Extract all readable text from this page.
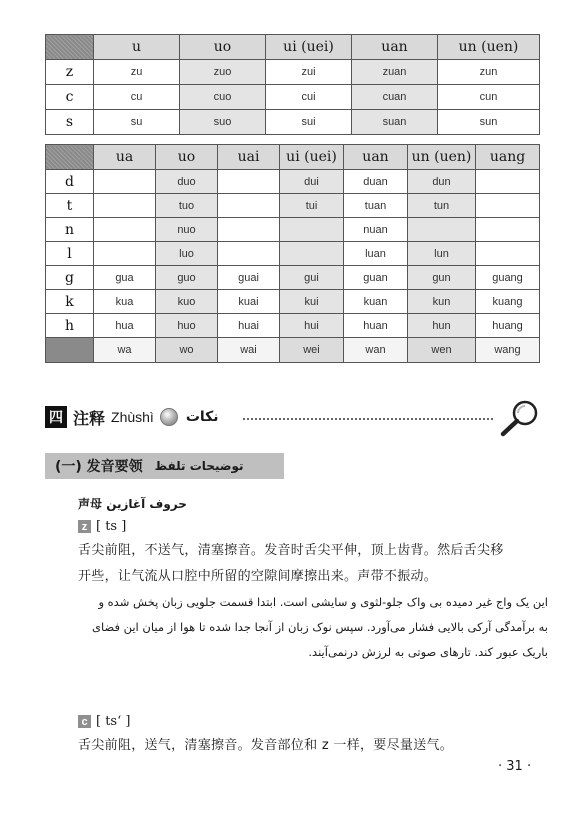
	u	uo	ui (uei)	uan	un (uen)
z	zu	zuo	zui	zuan	zun
c	cu	cuo	cui	cuan	cun
s	su	suo	sui	suan	sun
	ua	uo	uai	ui (uei)	uan	un (uen)	uang
d		duo		dui	duan	dun	
t		tuo		tui	tuan	tun	
n		nuo			nuan		
l		luo			luan	lun	
g	gua	guo	guai	gui	guan	gun	guang
k	kua	kuo	kuai	kui	kuan	kun	kuang
h	hua	huo	huai	hui	huan	hun	huang
	wa	wo	wai	wei	wan	wen	wang
四 注释 Zhùshì نکات
(一) 发音要领 توضیحات تلفظ
声母 حروف آغازین
z [ ts ]
舌尖前阻，不送气，清塞擦音。发音时舌尖平伸，顶上齿背。然后舌尖移
开些，让气流从口腔中所留的空隙间摩擦出来。声带不振动。
این یک واج غیر دمیده بی واک جلو-لثوی و سایشی است. ابتدا قسمت جلویی زبان پخش شده و
به برآمدگی آرکی بالایی فشار می‌آورد. سپس نوک زبان از آنجا جدا شده تا هوا از میان این فضای
باریک عبور کند. تارهای صوتی به لرزش درنمی‌آیند.
c [ ts‘ ]
舌尖前阻，送气，清塞擦音。发音部位和 z 一样，要尽量送气。
· 31 ·
